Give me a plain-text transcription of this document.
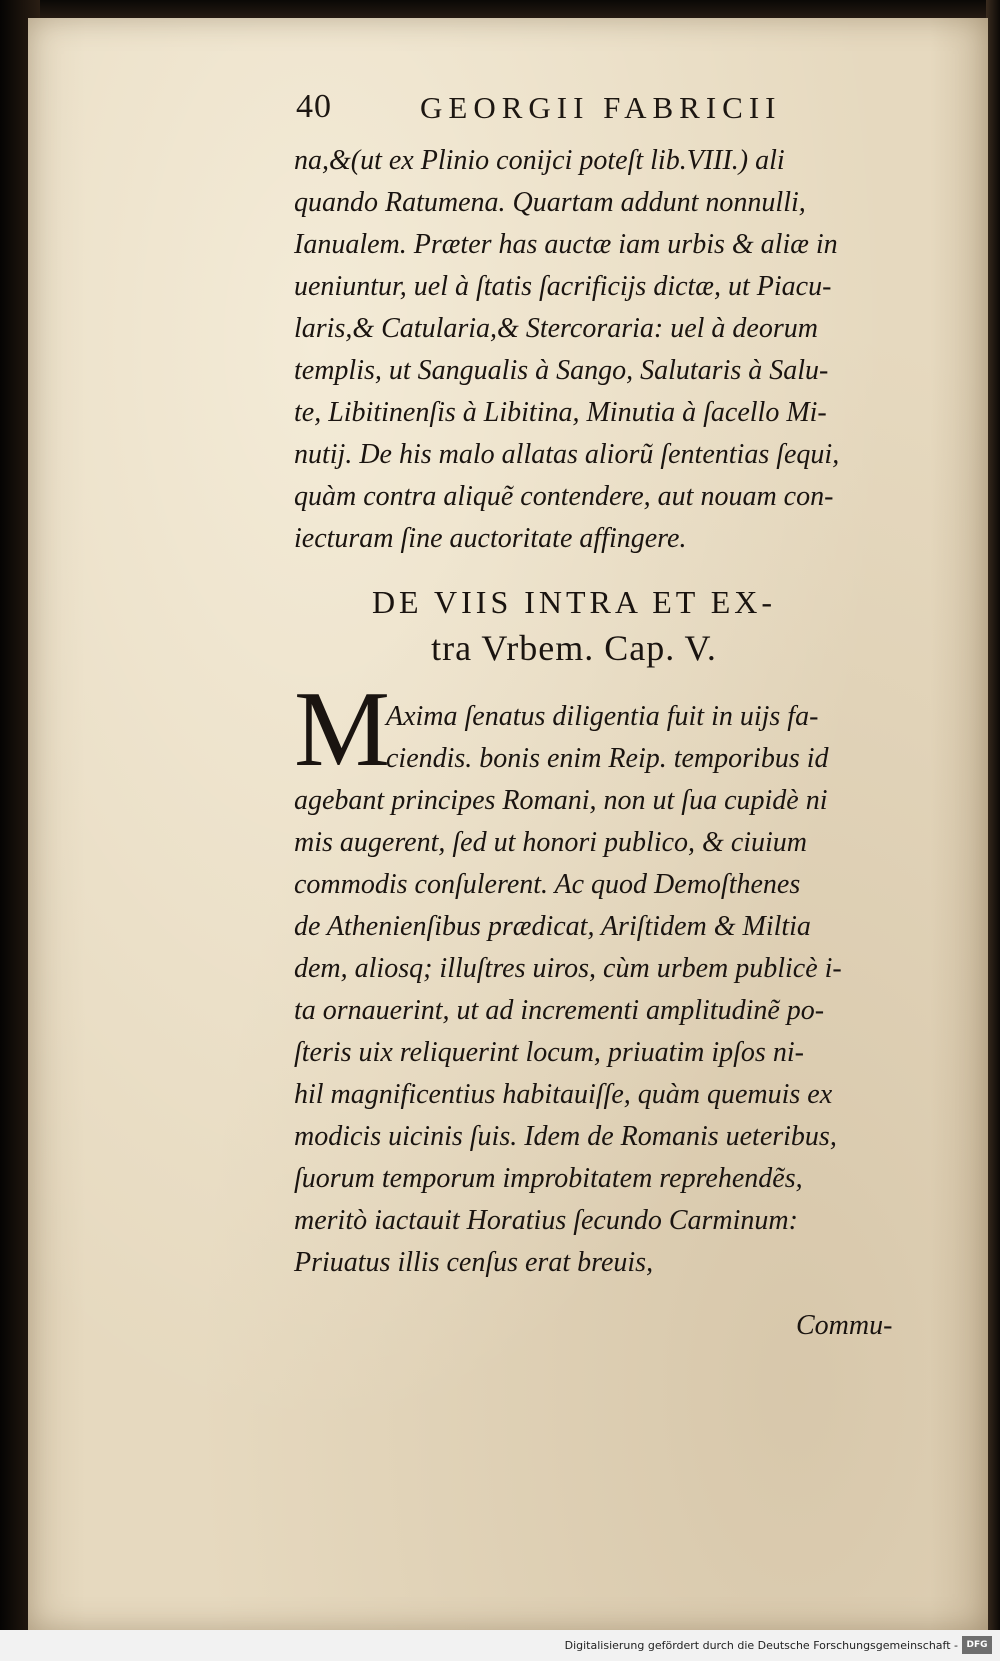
40	GEORGII FABRICII
na,&(ut ex Plinio conijci poteſt lib.VIII.) ali
quando Ratumena. Quartam addunt nonnulli,
Ianualem. Præter has auctæ iam urbis & aliæ in
ueniuntur, uel à ſtatis ſacrificijs dictæ, ut Piacu-
laris,& Catularia,& Stercoraria: uel à deorum
templis, ut Sangualis à Sango, Salutaris à Salu-
te, Libitinenſis à Libitina, Minutia à ſacello Mi-
nutij. De his malo allatas aliorũ ſententias ſequi,
quàm contra aliquẽ contendere, aut nouam con-
iecturam ſine auctoritate affingere.
DE VIIS INTRA ET EX-
tra Vrbem. Cap. V.
M
Axima ſenatus diligentia fuit in uijs fa-
ciendis. bonis enim Reip. temporibus id
agebant principes Romani, non ut ſua cupidè ni
mis augerent, ſed ut honori publico, & ciuium
commodis conſulerent. Ac quod Demoſthenes
de Athenienſibus prædicat, Ariſtidem & Miltia
dem, aliosq; illuſtres uiros, cùm urbem publicè i-
ta ornauerint, ut ad incrementi amplitudinẽ po-
ſteris uix reliquerint locum, priuatim ipſos ni-
hil magnificentius habitauiſſe, quàm quemuis ex
modicis uicinis ſuis. Idem de Romanis ueteribus,
ſuorum temporum improbitatem reprehendẽs,
meritò iactauit Horatius ſecundo Carminum:
Priuatus illis cenſus erat breuis,
Commu-
Digitalisierung gefördert durch die Deutsche Forschungsgemeinschaft - DFG
